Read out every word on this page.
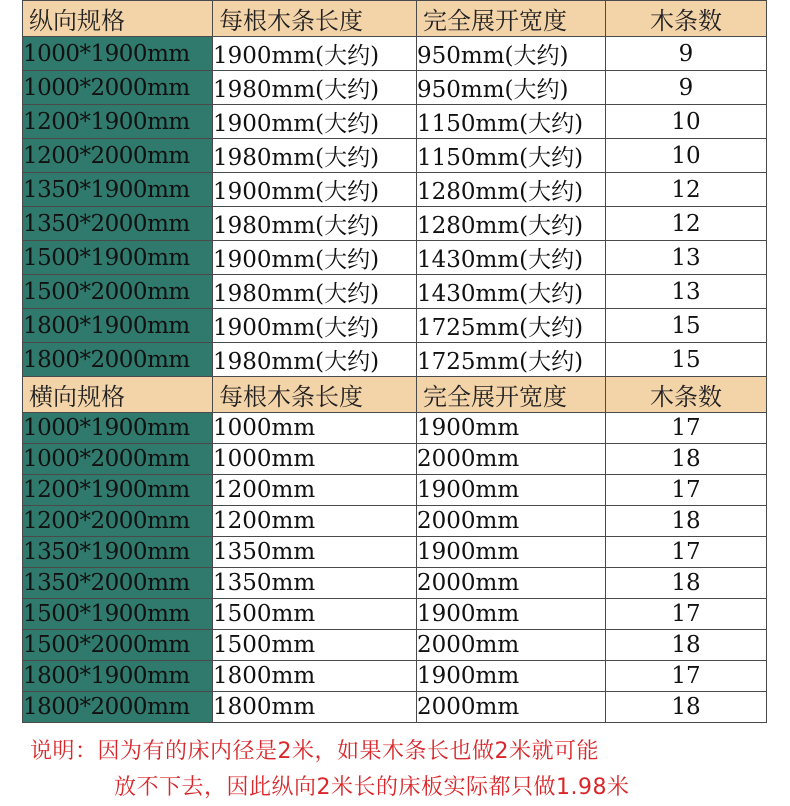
纵向规格	每根木条长度	完全展开宽度	木条数
1000*1900mm	1900mm(大约)	950mm(大约)	9
1000*2000mm	1980mm(大约)	950mm(大约)	9
1200*1900mm	1900mm(大约)	1150mm(大约)	10
1200*2000mm	1980mm(大约)	1150mm(大约)	10
1350*1900mm	1900mm(大约)	1280mm(大约)	12
1350*2000mm	1980mm(大约)	1280mm(大约)	12
1500*1900mm	1900mm(大约)	1430mm(大约)	13
1500*2000mm	1980mm(大约)	1430mm(大约)	13
1800*1900mm	1900mm(大约)	1725mm(大约)	15
1800*2000mm	1980mm(大约)	1725mm(大约)	15
横向规格	每根木条长度	完全展开宽度	木条数
1000*1900mm	1000mm	1900mm	17
1000*2000mm	1000mm	2000mm	18
1200*1900mm	1200mm	1900mm	17
1200*2000mm	1200mm	2000mm	18
1350*1900mm	1350mm	1900mm	17
1350*2000mm	1350mm	2000mm	18
1500*1900mm	1500mm	1900mm	17
1500*2000mm	1500mm	2000mm	18
1800*1900mm	1800mm	1900mm	17
1800*2000mm	1800mm	2000mm	18
说明：因为有的床内径是2米，如果木条长也做2米就可能
放不下去，因此纵向2米长的床板实际都只做1.98米
